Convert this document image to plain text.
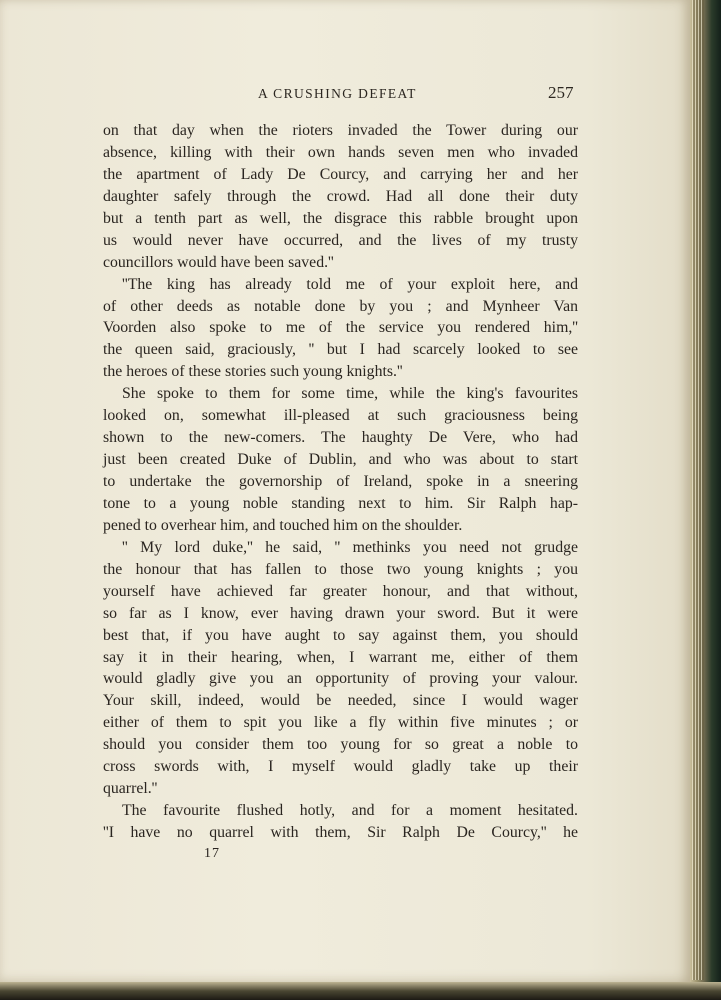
A CRUSHING DEFEAT	257
on that day when the rioters invaded the Tower during our
absence, killing with their own hands seven men who invaded
the apartment of Lady De Courcy, and carrying her and her
daughter safely through the crowd. Had all done their duty
but a tenth part as well, the disgrace this rabble brought upon
us would never have occurred, and the lives of my trusty
councillors would have been saved.''
''The king has already told me of your exploit here, and
of other deeds as notable done by you ; and Mynheer Van
Voorden also spoke to me of the service you rendered him,''
the queen said, graciously, '' but I had scarcely looked to see
the heroes of these stories such young knights.''
She spoke to them for some time, while the king's favourites
looked on, somewhat ill-pleased at such graciousness being
shown to the new-comers. The haughty De Vere, who had
just been created Duke of Dublin, and who was about to start
to undertake the governorship of Ireland, spoke in a sneering
tone to a young noble standing next to him. Sir Ralph hap-
pened to overhear him, and touched him on the shoulder.
'' My lord duke,'' he said, '' methinks you need not grudge
the honour that has fallen to those two young knights ; you
yourself have achieved far greater honour, and that without,
so far as I know, ever having drawn your sword. But it were
best that, if you have aught to say against them, you should
say it in their hearing, when, I warrant me, either of them
would gladly give you an opportunity of proving your valour.
Your skill, indeed, would be needed, since I would wager
either of them to spit you like a fly within five minutes ; or
should you consider them too young for so great a noble to
cross swords with, I myself would gladly take up their
quarrel.''
The favourite flushed hotly, and for a moment hesitated.
''I have no quarrel with them, Sir Ralph De Courcy,'' he
17
